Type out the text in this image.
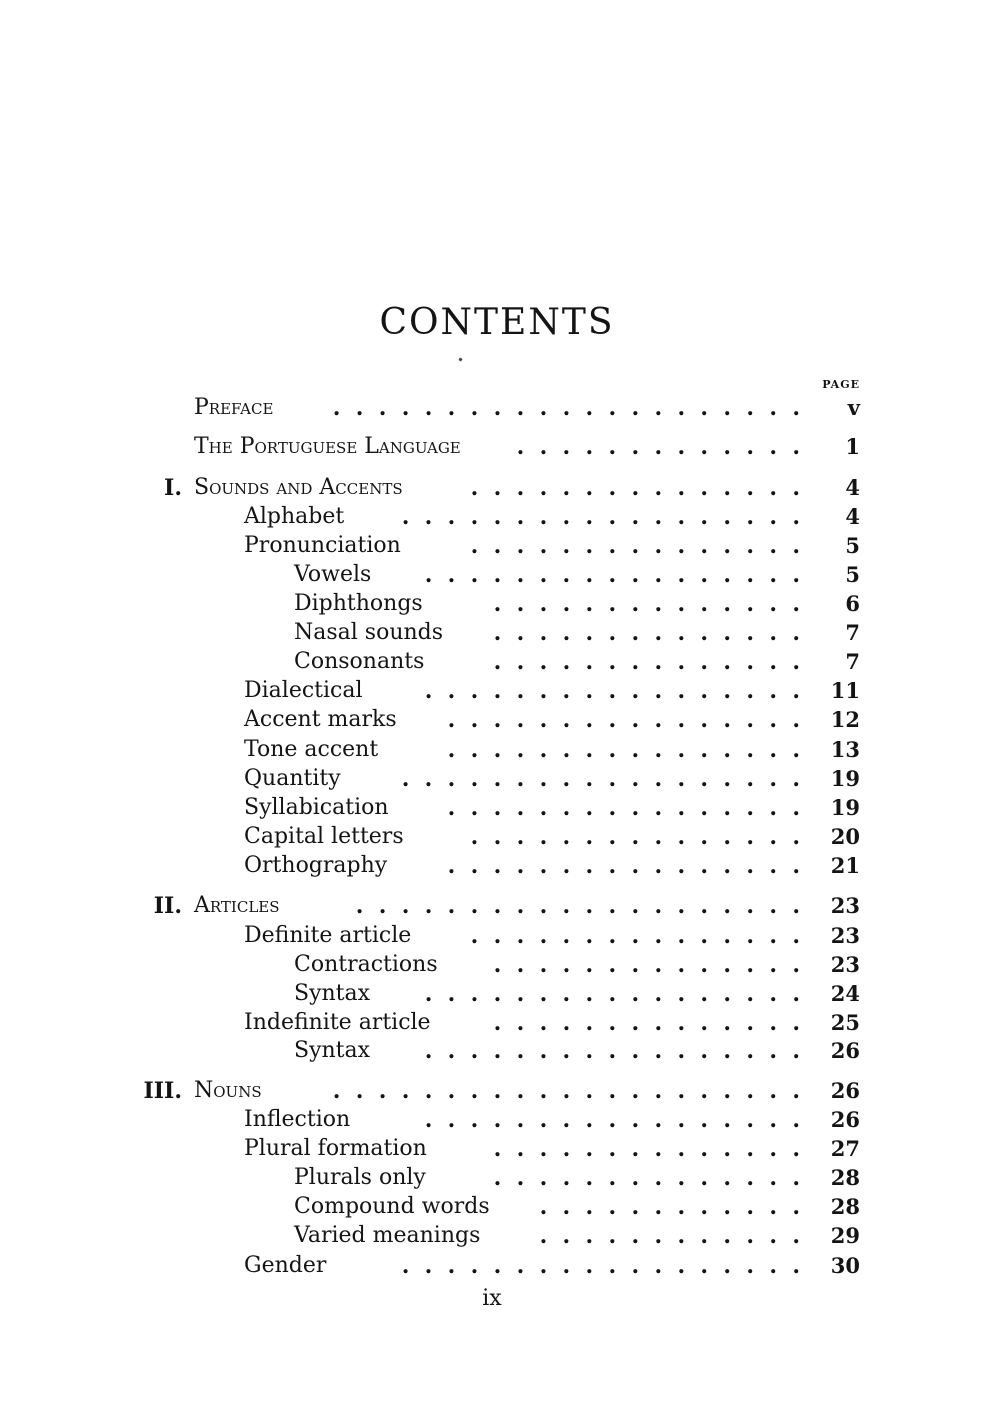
CONTENTS
PAGE
Preface	.  .  .  .  .  .  .  .  .  .  .  .  .  .  .  .  .  .  .  .  . v
The Portuguese Language	.  .  .  .  .  .  .  .  .  .  .  .  . 1
I. Sounds and Accents	.  .  .  .  .  .  .  .  .  .  .  .  .  .  . 4
Alphabet	.  .  .  .  .  .  .  .  .  .  .  .  .  .  .  .  .  . 4
Pronunciation	.  .  .  .  .  .  .  .  .  .  .  .  .  .  . 5
Vowels	.  .  .  .  .  .  .  .  .  .  .  .  .  .  .  .  . 5
Diphthongs	.  .  .  .  .  .  .  .  .  .  .  .  .  . 6
Nasal sounds	.  .  .  .  .  .  .  .  .  .  .  .  .  . 7
Consonants	.  .  .  .  .  .  .  .  .  .  .  .  .  . 7
Dialectical	.  .  .  .  .  .  .  .  .  .  .  .  .  .  .  .  . 11
Accent marks	.  .  .  .  .  .  .  .  .  .  .  .  .  .  .  . 12
Tone accent	.  .  .  .  .  .  .  .  .  .  .  .  .  .  .  . 13
Quantity	.  .  .  .  .  .  .  .  .  .  .  .  .  .  .  .  .  . 19
Syllabication	.  .  .  .  .  .  .  .  .  .  .  .  .  .  .  . 19
Capital letters	.  .  .  .  .  .  .  .  .  .  .  .  .  .  . 20
Orthography	.  .  .  .  .  .  .  .  .  .  .  .  .  .  .  . 21
II. Articles	.  .  .  .  .  .  .  .  .  .  .  .  .  .  .  .  .  .  .  . 23
Definite article	.  .  .  .  .  .  .  .  .  .  .  .  .  .  . 23
Contractions	.  .  .  .  .  .  .  .  .  .  .  .  .  . 23
Syntax	.  .  .  .  .  .  .  .  .  .  .  .  .  .  .  .  . 24
Indefinite article	.  .  .  .  .  .  .  .  .  .  .  .  .  . 25
Syntax	.  .  .  .  .  .  .  .  .  .  .  .  .  .  .  .  . 26
III. Nouns	.  .  .  .  .  .  .  .  .  .  .  .  .  .  .  .  .  .  .  .  . 26
Inflection	.  .  .  .  .  .  .  .  .  .  .  .  .  .  .  .  . 26
Plural formation	.  .  .  .  .  .  .  .  .  .  .  .  .  . 27
Plurals only	.  .  .  .  .  .  .  .  .  .  .  .  .  . 28
Compound words	.  .  .  .  .  .  .  .  .  .  .  . 28
Varied meanings	.  .  .  .  .  .  .  .  .  .  .  . 29
Gender	.  .  .  .  .  .  .  .  .  .  .  .  .  .  .  .  .  . 30
ix
